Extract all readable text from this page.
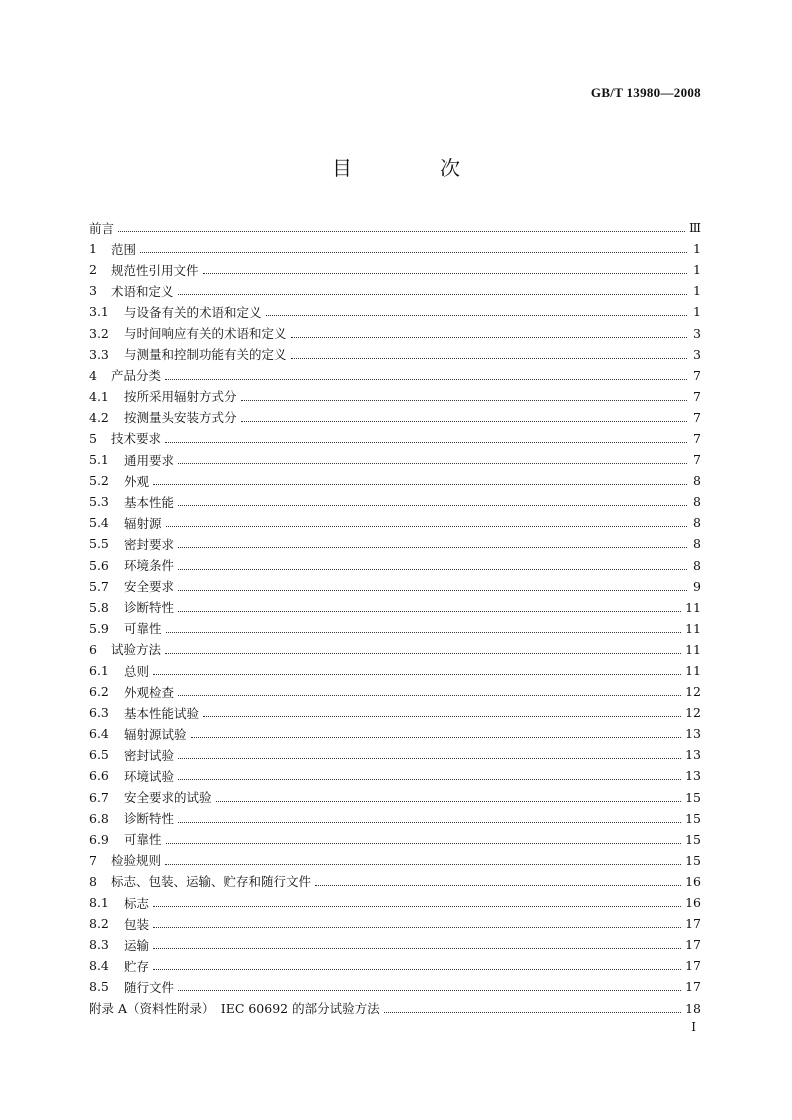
GB/T 13980—2008
目　次
前言	Ⅲ
1	范围	1
2	规范性引用文件	1
3	术语和定义	1
3.1	与设备有关的术语和定义	1
3.2	与时间响应有关的术语和定义	3
3.3	与测量和控制功能有关的定义	3
4	产品分类	7
4.1	按所采用辐射方式分	7
4.2	按测量头安装方式分	7
5	技术要求	7
5.1	通用要求	7
5.2	外观	8
5.3	基本性能	8
5.4	辐射源	8
5.5	密封要求	8
5.6	环境条件	8
5.7	安全要求	9
5.8	诊断特性	11
5.9	可靠性	11
6	试验方法	11
6.1	总则	11
6.2	外观检查	12
6.3	基本性能试验	12
6.4	辐射源试验	13
6.5	密封试验	13
6.6	环境试验	13
6.7	安全要求的试验	15
6.8	诊断特性	15
6.9	可靠性	15
7	检验规则	15
8	标志、包装、运输、贮存和随行文件	16
8.1	标志	16
8.2	包装	17
8.3	运输	17
8.4	贮存	17
8.5	随行文件	17
附录 A（资料性附录）　IEC 60692 的部分试验方法	18
I
